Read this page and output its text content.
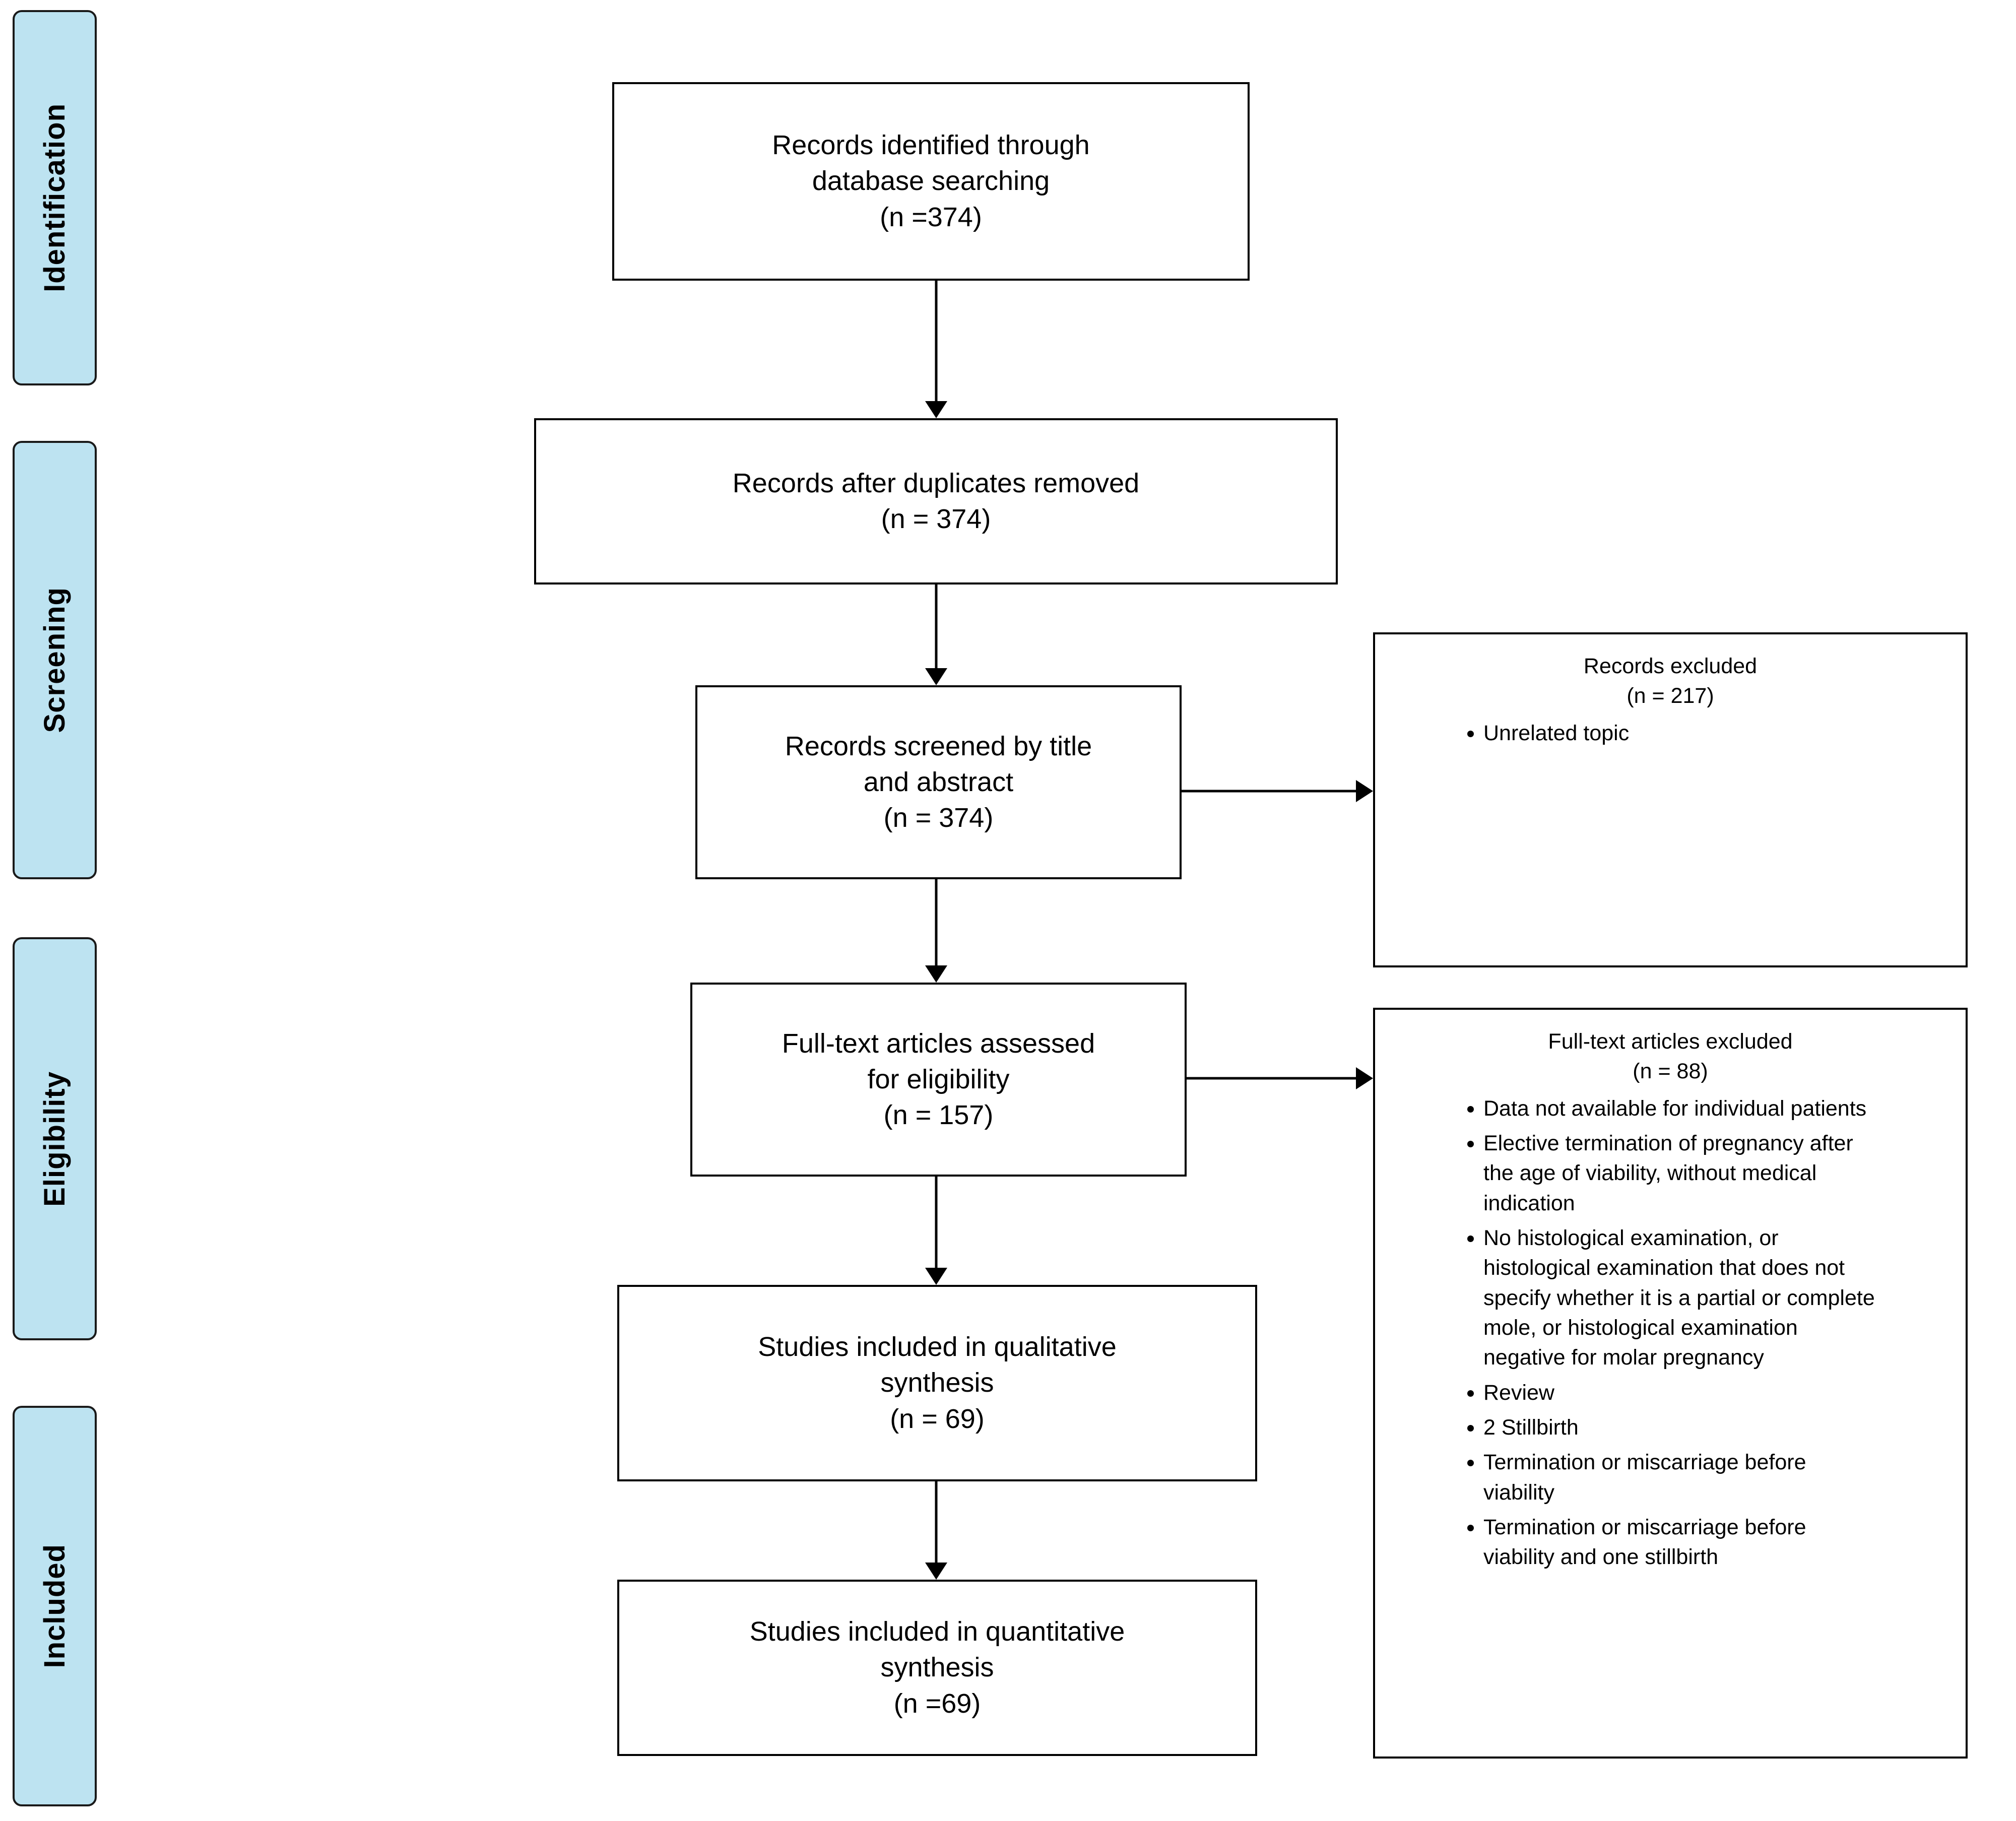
Identification
Screening
Eligibility
Included
Records identified through
database searching
(n =374)
Records after duplicates removed
(n = 374)
Records screened by title
and abstract
(n = 374)
Full-text articles assessed
for eligibility
(n = 157)
Studies included in qualitative
synthesis
(n = 69)
Studies included in quantitative
synthesis
(n =69)
Records excluded
(n = 217)
• Unrelated topic
Full-text articles excluded
(n = 88)
• Data not available for individual patients
• Elective termination of pregnancy after the age of viability, without medical indication
• No histological examination, or histological examination that does not specify whether it is a partial or complete mole, or histological examination negative for molar pregnancy
• Review
• 2 Stillbirth
• Termination or miscarriage before viability
• Termination or miscarriage before viability and one stillbirth
